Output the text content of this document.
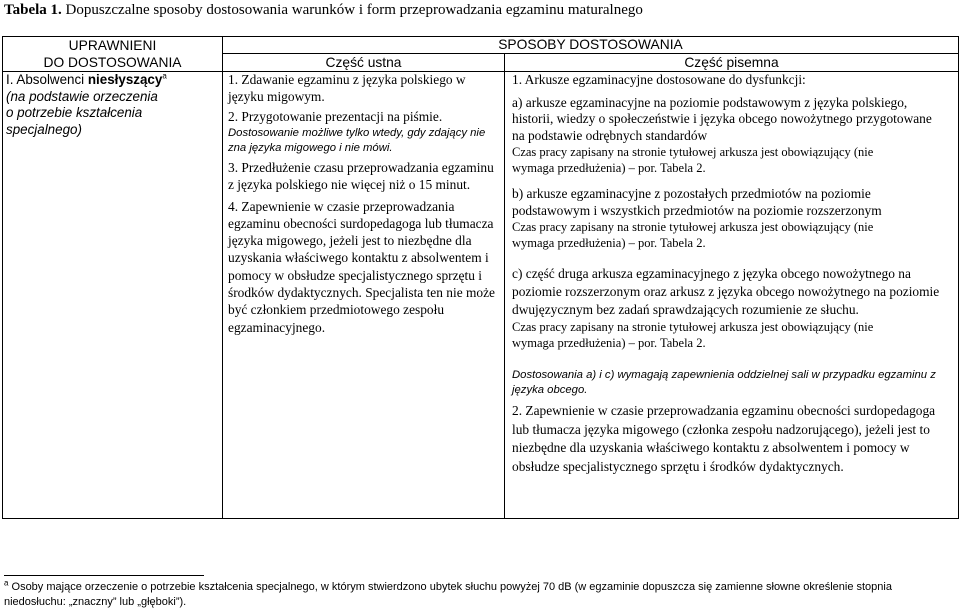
Tabela 1. Dopuszczalne sposoby dostosowania warunków i form przeprowadzania egzaminu maturalnego
UPRAWNIENI
DO DOSTOSOWANIA
SPOSOBY DOSTOSOWANIA
Część ustna	Część pisemna
I. Absolwenci niesłyszący$^a$
(na podstawie orzeczenia
o potrzebie kształcenia
specjalnego)

1. Zdawanie egzaminu z języka polskiego w języku migowym.

2. Przygotowanie prezentacji na piśmie.

Dostosowanie możliwe tylko wtedy, gdy zdający nie zna języka migowego i nie mówi.

3. Przedłużenie czasu przeprowadzania egzaminu z języka polskiego nie więcej niż o 15 minut.

4. Zapewnienie w czasie przeprowadzania egzaminu obecności surdopedagoga lub tłumacza języka migowego, jeżeli jest to niezbędne dla uzyskania właściwego kontaktu z absolwentem i pomocy w obsłudze specjalistycznego sprzętu i środków dydaktycznych. Specjalista ten nie może być członkiem przedmiotowego zespołu egzaminacyjnego.

1. Arkusze egzaminacyjne dostosowane do dysfunkcji:

a) arkusze egzaminacyjne na poziomie podstawowym z języka polskiego, historii, wiedzy o społeczeństwie i języka obcego nowożytnego przygotowane na podstawie odrębnych standardów

Czas pracy zapisany na stronie tytułowej arkusza jest obowiązujący (nie wymaga przedłużenia) – por. Tabela 2.

b) arkusze egzaminacyjne z pozostałych przedmiotów na poziomie podstawowym i wszystkich przedmiotów na poziomie rozszerzonym

Czas pracy zapisany na stronie tytułowej arkusza jest obowiązujący (nie wymaga przedłużenia) – por. Tabela 2.

c) część druga arkusza egzaminacyjnego z języka obcego nowożytnego na poziomie rozszerzonym oraz arkusz z języka obcego nowożytnego na poziomie dwujęzycznym bez zadań sprawdzających rozumienie ze słuchu.

Czas pracy zapisany na stronie tytułowej arkusza jest obowiązujący (nie wymaga przedłużenia) – por. Tabela 2.

Dostosowania a) i c) wymagają zapewnienia oddzielnej sali w przypadku egzaminu z języka obcego.

2. Zapewnienie w czasie przeprowadzania egzaminu obecności surdopedagoga lub tłumacza języka migowego (członka zespołu nadzorującego), jeżeli jest to niezbędne dla uzyskania właściwego kontaktu z absolwentem i pomocy w obsłudze specjalistycznego sprzętu i środków dydaktycznych.

$^a$ Osoby mające orzeczenie o potrzebie kształcenia specjalnego, w którym stwierdzono ubytek słuchu powyżej 70 dB (w egzaminie dopuszcza się zamienne słowne określenie stopnia niedosłuchu: „znaczny” lub „głęboki”).
